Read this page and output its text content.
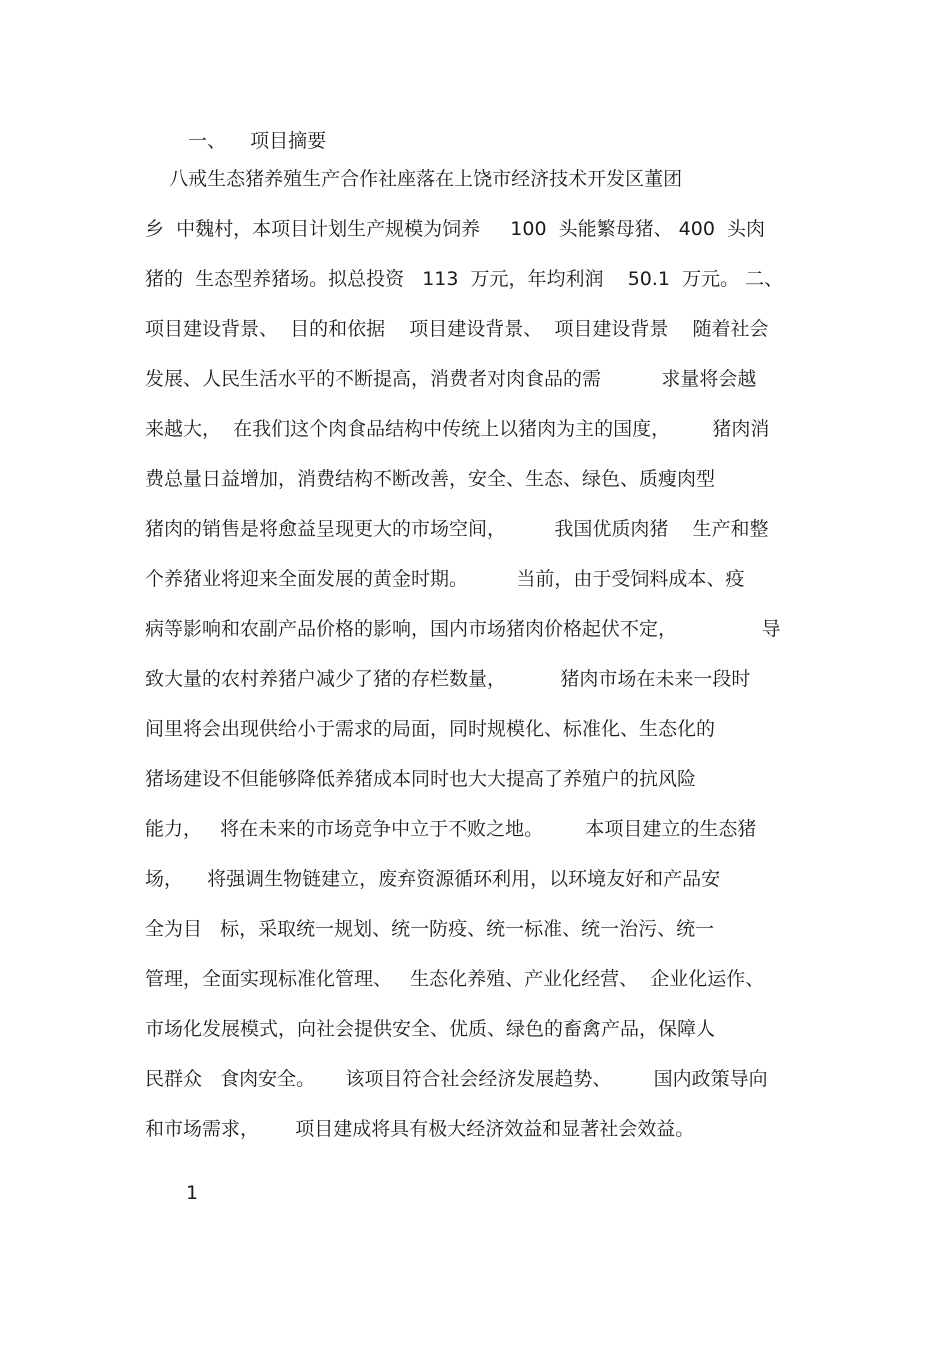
一、    项目摘要
八戒生态猪养殖生产合作社座落在上饶市经济技术开发区董团
乡  中魏村，本项目计划生产规模为饲养     100  头能繁母猪、 400  头肉
猪的  生态型养猪场。拟总投资   113  万元，年均利润    50.1  万元。 二、
项目建设背景、  目的和依据    项目建设背景、  项目建设背景    随着社会
发展、人民生活水平的不断提高，消费者对肉食品的需          求量将会越
来越大，  在我们这个肉食品结构中传统上以猪肉为主的国度，       猪肉消
费总量日益增加，消费结构不断改善，安全、生态、绿色、质瘦肉型
猪肉的销售是将愈益呈现更大的市场空间，        我国优质肉猪    生产和整
个养猪业将迎来全面发展的黄金时期。        当前，由于受饲料成本、疫
病等影响和农副产品价格的影响，国内市场猪肉价格起伏不定，              导
致大量的农村养猪户减少了猪的存栏数量，         猪肉市场在未来一段时
间里将会出现供给小于需求的局面，同时规模化、标准化、生态化的
猪场建设不但能够降低养猪成本同时也大大提高了养殖户的抗风险
能力，   将在未来的市场竞争中立于不败之地。       本项目建立的生态猪
场，    将强调生物链建立，废弃资源循环利用，以环境友好和产品安
全为目   标，采取统一规划、统一防疫、统一标准、统一治污、统一
管理，全面实现标准化管理、   生态化养殖、产业化经营、  企业化运作、
市场化发展模式，向社会提供安全、优质、绿色的畜禽产品，保障人
民群众   食肉安全。     该项目符合社会经济发展趋势、       国内政策导向
和市场需求，      项目建成将具有极大经济效益和显著社会效益。
1
